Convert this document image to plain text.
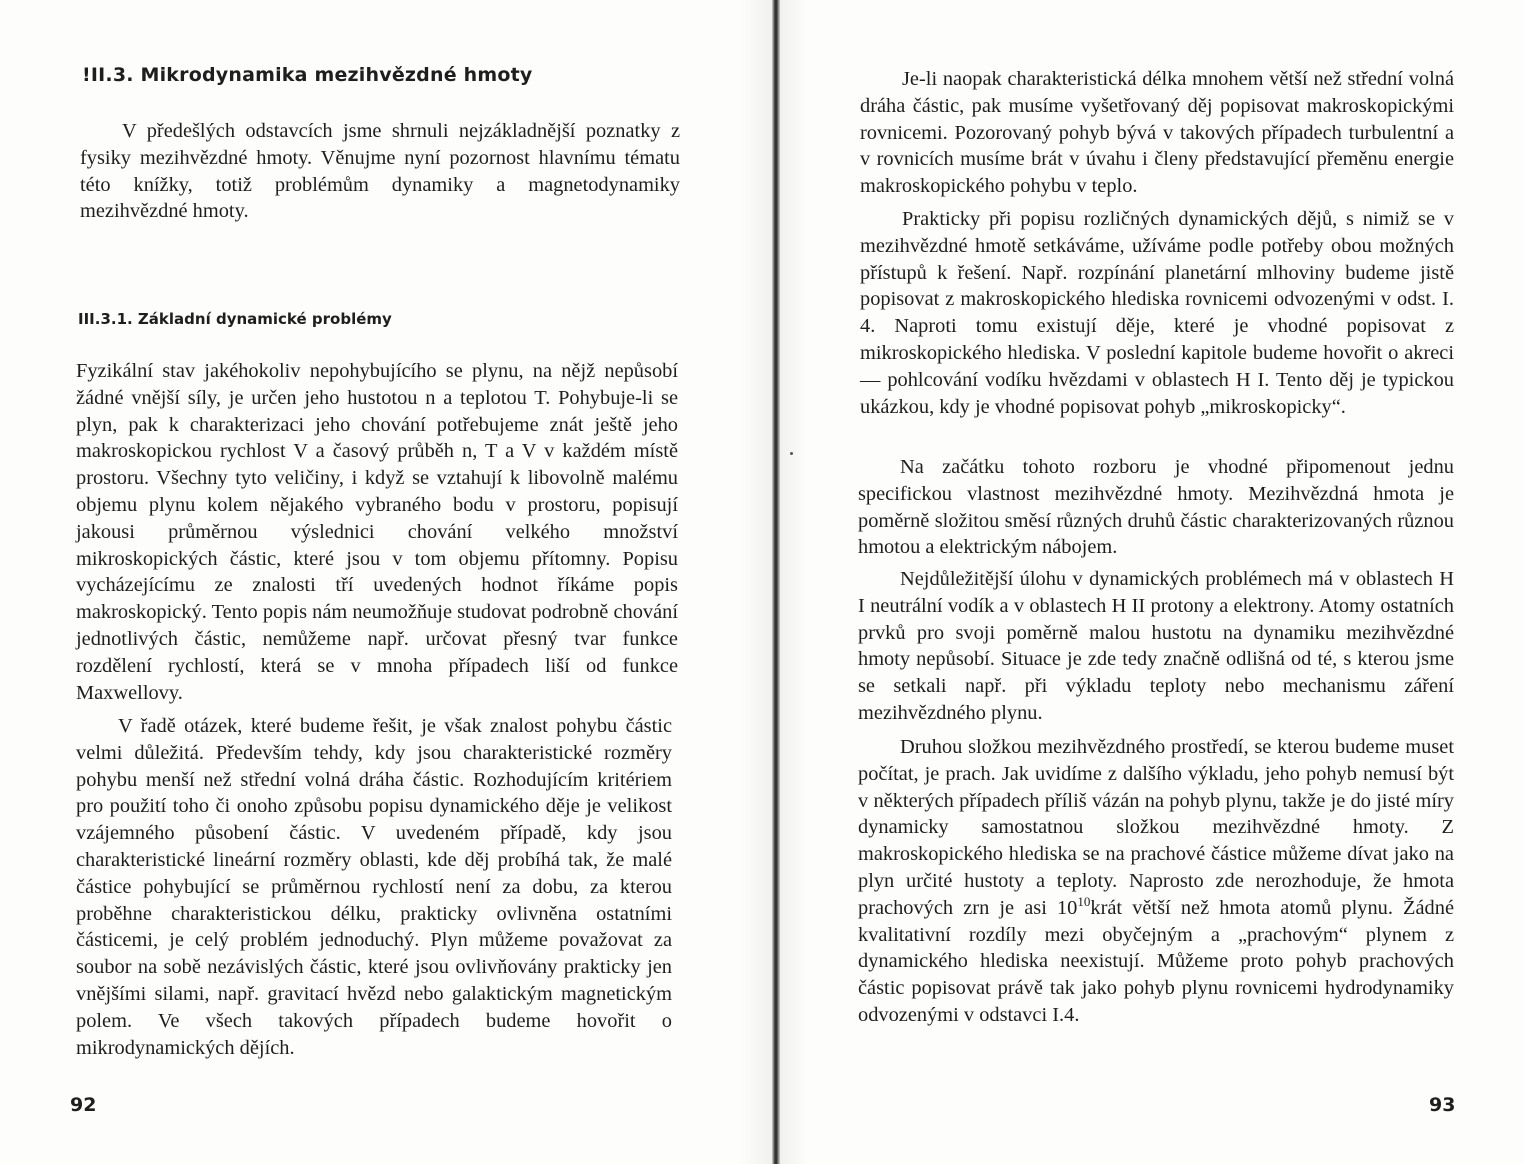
!II.3. Mikrodynamika mezihvězdné hmoty

V předešlých odstavcích jsme shrnuli nejzákladnější poznatky z fysiky mezihvězdné hmoty. Věnujme nyní pozornost hlavnímu tématu této knížky, totiž problémům dynamiky a magnetodynamiky mezihvězdné hmoty.

III.3.1. Základní dynamické problémy

Fyzikální stav jakéhokoliv nepohybujícího se plynu, na nějž nepůsobí žádné vnější síly, je určen jeho hustotou n a teplotou T. Pohybuje-li se plyn, pak k charakterizaci jeho chování potřebujeme znát ještě jeho makroskopickou rychlost V a časový průběh n, T a V v každém místě prostoru. Všechny tyto veličiny, i když se vztahují k libovolně malému objemu plynu kolem nějakého vybraného bodu v prostoru, popisují jakousi průměrnou výslednici chování velkého množství mikroskopických částic, které jsou v tom objemu přítomny. Popisu vycházejícímu ze znalosti tří uvedených hodnot říkáme popis makroskopický. Tento popis nám neumožňuje studovat podrobně chování jednotlivých částic, nemůžeme např. určovat přesný tvar funkce rozdělení rychlostí, která se v mnoha případech liší od funkce Maxwellovy.

V řadě otázek, které budeme řešit, je však znalost pohybu částic velmi důležitá. Především tehdy, kdy jsou charakteristické rozměry pohybu menší než střední volná dráha částic. Rozhodujícím kritériem pro použití toho či onoho způsobu popisu dynamického děje je velikost vzájemného působení částic. V uvedeném případě, kdy jsou charakteristické lineární rozměry oblasti, kde děj probíhá tak, že malé částice pohybující se průměrnou rychlostí není za dobu, za kterou proběhne charakteristickou délku, prakticky ovlivněna ostatními částicemi, je celý problém jednoduchý. Plyn můžeme považovat za soubor na sobě nezávislých částic, které jsou ovlivňovány prakticky jen vnějšími silami, např. gravitací hvězd nebo galaktickým magnetickým polem. Ve všech takových případech budeme hovořit o mikrodynamických dějích.

92

Je-li naopak charakteristická délka mnohem větší než střední volná dráha částic, pak musíme vyšetřovaný děj popisovat makroskopickými rovnicemi. Pozorovaný pohyb bývá v takových případech turbulentní a v rovnicích musíme brát v úvahu i členy představující přeměnu energie makroskopického pohybu v teplo.

Prakticky při popisu rozličných dynamických dějů, s nimiž se v mezihvězdné hmotě setkáváme, užíváme podle potřeby obou možných přístupů k řešení. Např. rozpínání planetární mlhoviny budeme jistě popisovat z makroskopického hlediska rovnicemi odvozenými v odst. I. 4. Naproti tomu existují děje, které je vhodné popisovat z mikroskopického hlediska. V poslední kapitole budeme hovořit o akreci — pohlcování vodíku hvězdami v oblastech H I. Tento děj je typickou ukázkou, kdy je vhodné popisovat pohyb „mikroskopicky“.

Na začátku tohoto rozboru je vhodné připomenout jednu specifickou vlastnost mezihvězdné hmoty. Mezihvězdná hmota je poměrně složitou směsí různých druhů částic charakterizovaných různou hmotou a elektrickým nábojem.

Nejdůležitější úlohu v dynamických problémech má v oblastech H I neutrální vodík a v oblastech H II protony a elektrony. Atomy ostatních prvků pro svoji poměrně malou hustotu na dynamiku mezihvězdné hmoty nepůsobí. Situace je zde tedy značně odlišná od té, s kterou jsme se setkali např. při výkladu teploty nebo mechanismu záření mezihvězdného plynu.

Druhou složkou mezihvězdného prostředí, se kterou budeme muset počítat, je prach. Jak uvidíme z dalšího výkladu, jeho pohyb nemusí být v některých případech příliš vázán na pohyb plynu, takže je do jisté míry dynamicky samostatnou složkou mezihvězdné hmoty. Z makroskopického hlediska se na prachové částice můžeme dívat jako na plyn určité hustoty a teploty. Naprosto zde nerozhoduje, že hmota prachových zrn je asi $10^{10}krát$ větší než hmota atomů plynu. Žádné kvalitativní rozdíly mezi obyčejným a „prachovým“ plynem z dynamického hlediska neexistují. Můžeme proto pohyb prachových částic popisovat právě tak jako pohyb plynu rovnicemi hydrodynamiky odvozenými v odstavci I.4.

93
